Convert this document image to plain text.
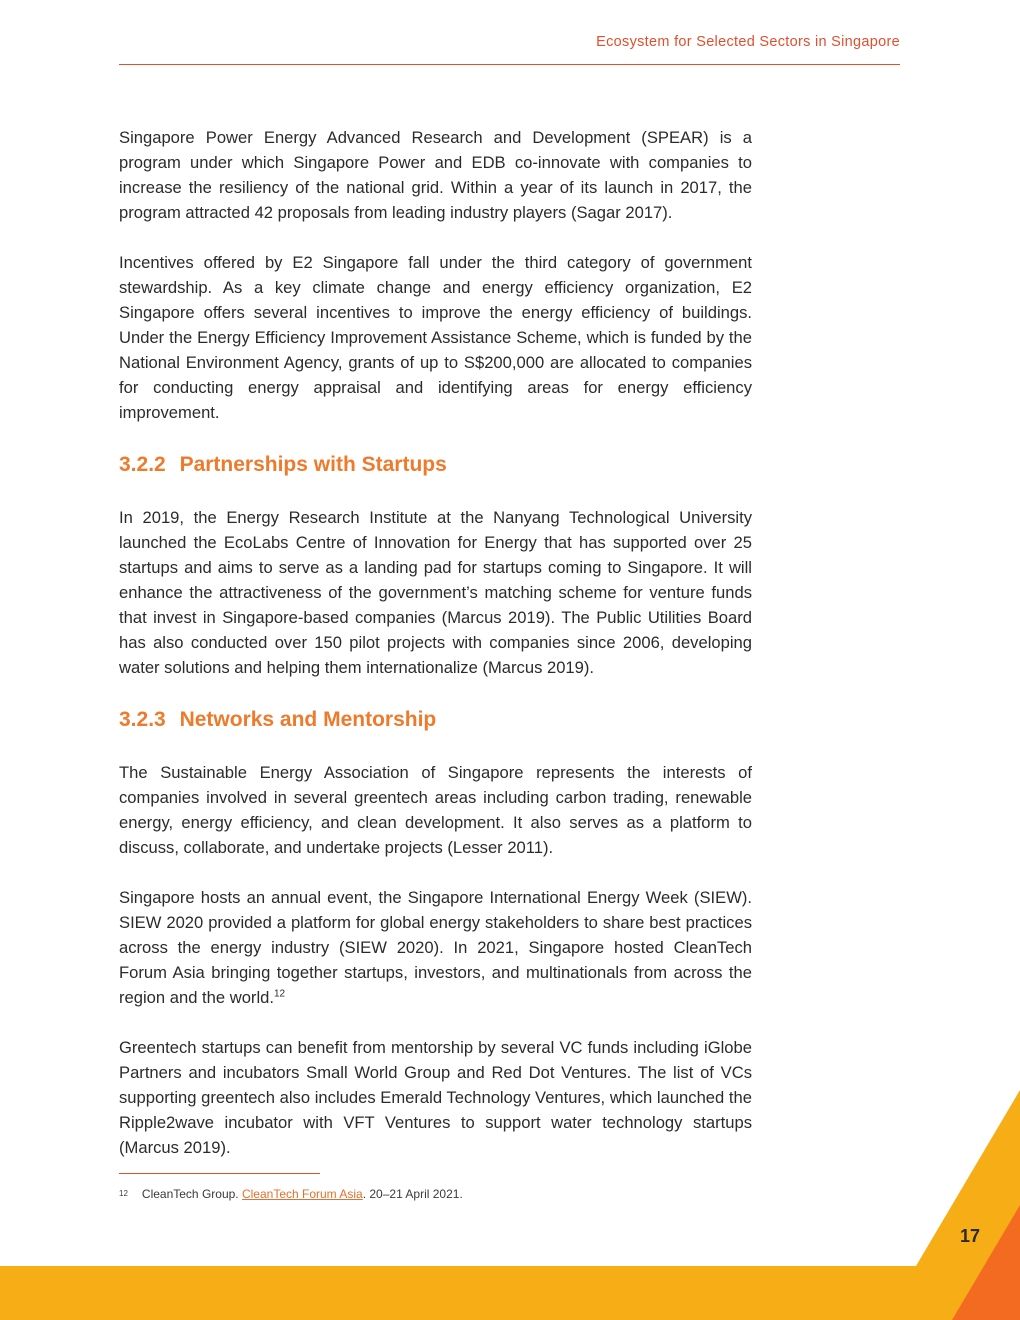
Ecosystem for Selected Sectors in Singapore

Singapore Power Energy Advanced Research and Development (SPEAR) is a program under which Singapore Power and EDB co-innovate with companies to increase the resiliency of the national grid. Within a year of its launch in 2017, the program attracted 42 proposals from leading industry players (Sagar 2017).

Incentives offered by E2 Singapore fall under the third category of government stewardship. As a key climate change and energy efficiency organization, E2 Singapore offers several incentives to improve the energy efficiency of buildings. Under the Energy Efficiency Improvement Assistance Scheme, which is funded by the National Environment Agency, grants of up to S$200,000 are allocated to companies for conducting energy appraisal and identifying areas for energy efficiency improvement.

3.2.2 Partnerships with Startups

In 2019, the Energy Research Institute at the Nanyang Technological University launched the EcoLabs Centre of Innovation for Energy that has supported over 25 startups and aims to serve as a landing pad for startups coming to Singapore. It will enhance the attractiveness of the government’s matching scheme for venture funds that invest in Singapore-based companies (Marcus 2019). The Public Utilities Board has also conducted over 150 pilot projects with companies since 2006, developing water solutions and helping them internationalize (Marcus 2019).

3.2.3 Networks and Mentorship

The Sustainable Energy Association of Singapore represents the interests of companies involved in several greentech areas including carbon trading, renewable energy, energy efficiency, and clean development. It also serves as a platform to discuss, collaborate, and undertake projects (Lesser 2011).

Singapore hosts an annual event, the Singapore International Energy Week (SIEW). SIEW 2020 provided a platform for global energy stakeholders to share best practices across the energy industry (SIEW 2020). In 2021, Singapore hosted CleanTech Forum Asia bringing together startups, investors, and multinationals from across the region and the world.$^{12}$

Greentech startups can benefit from mentorship by several VC funds including iGlobe Partners and incubators Small World Group and Red Dot Ventures. The list of VCs supporting greentech also includes Emerald Technology Ventures, which launched the Ripple2wave incubator with VFT Ventures to support water technology startups (Marcus 2019).

$^{12}$ CleanTech Group. CleanTech Forum Asia. 20–21 April 2021.
17
